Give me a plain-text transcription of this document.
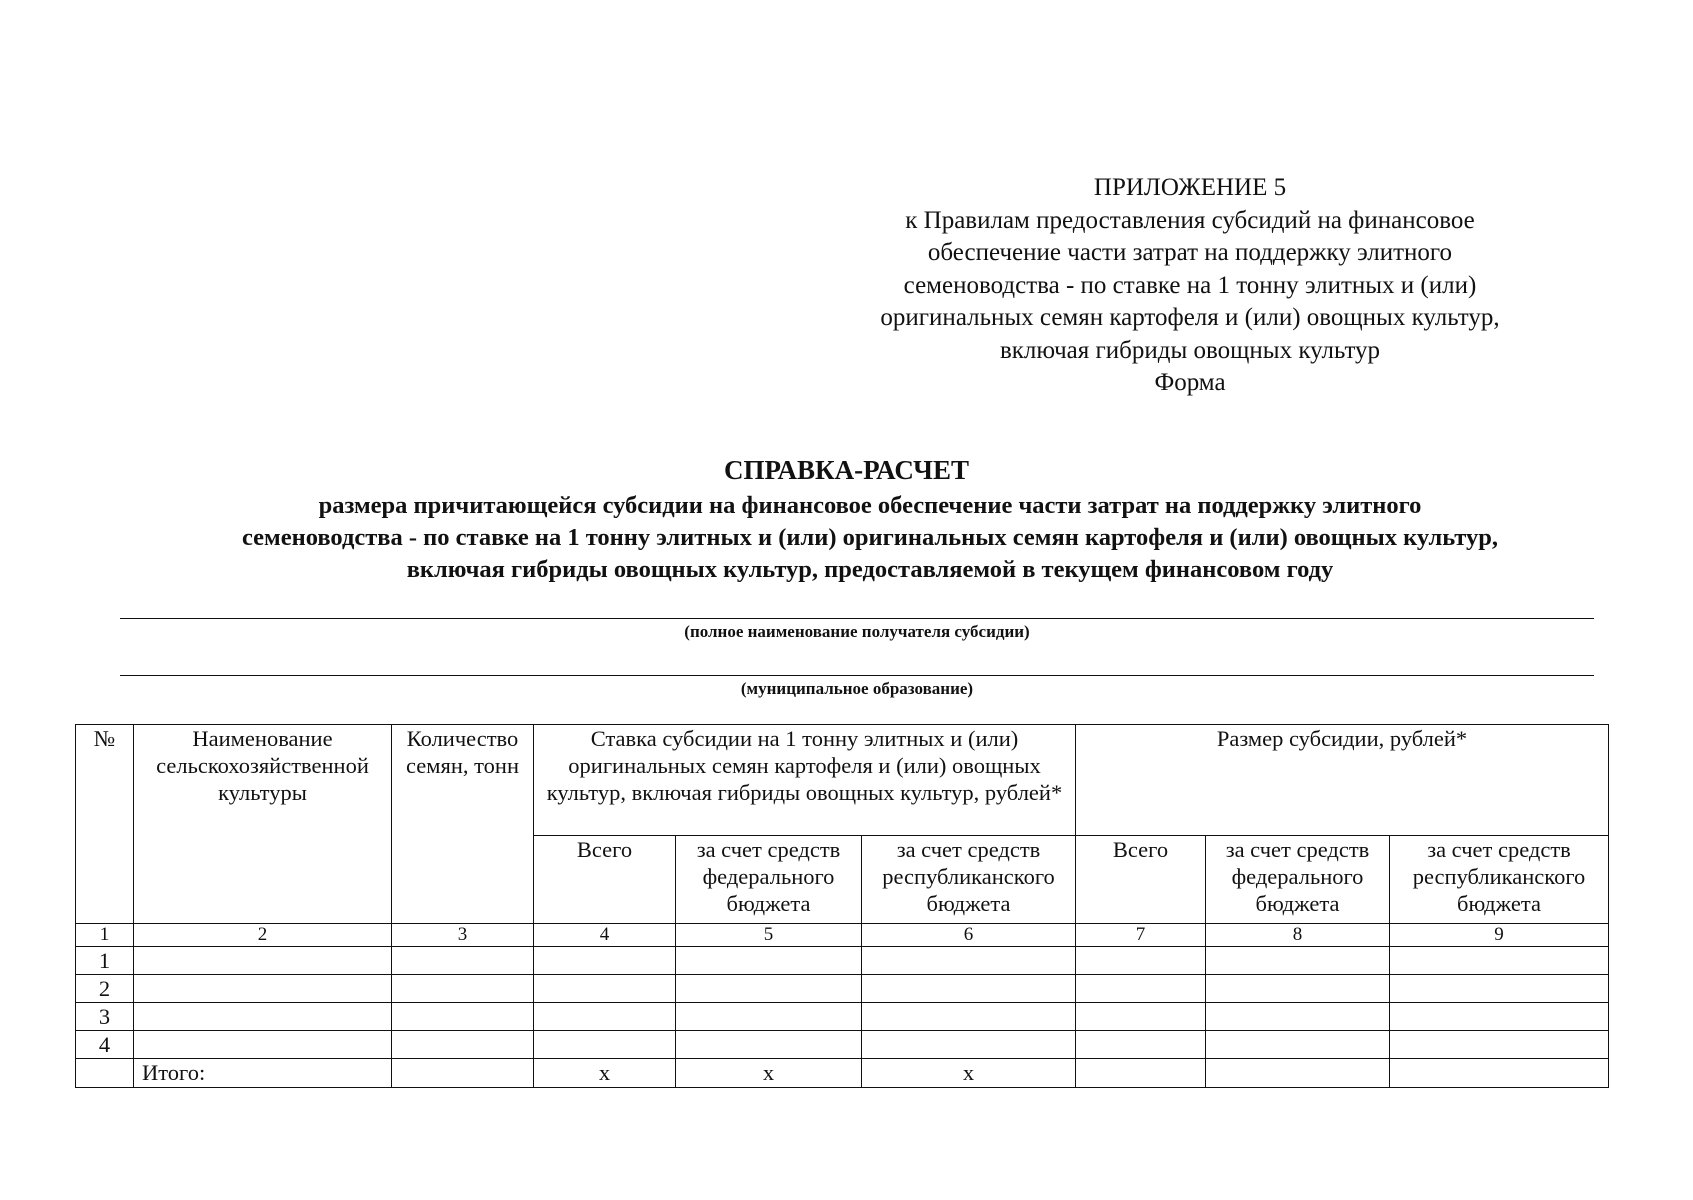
ПРИЛОЖЕНИЕ 5
к Правилам предоставления субсидий на финансовое
обеспечение части затрат на поддержку элитного
семеноводства - по ставке на 1 тонну элитных и (или)
оригинальных семян картофеля и (или) овощных культур,
включая гибриды овощных культур
Форма
СПРАВКА-РАСЧЕТ
размера причитающейся субсидии на финансовое обеспечение части затрат на поддержку элитного
семеноводства - по ставке на 1 тонну элитных и (или) оригинальных семян картофеля и (или) овощных культур,
включая гибриды овощных культур, предоставляемой в текущем финансовом году
(полное наименование получателя субсидии)
(муниципальное образование)
№	Наименование сельскохозяйственной культуры	Количество семян, тонн	Ставка субсидии на 1 тонну элитных и (или) оригинальных семян картофеля и (или) овощных культур, включая гибриды овощных культур, рублей*			Размер субсидии, рублей*		
			Всего	за счет средств федерального бюджета	за счет средств республиканского бюджета	Всего	за счет средств федерального бюджета	за счет средств республиканского бюджета
1	2	3	4	5	6	7	8	9
1								
2								
3								
4								
	Итого:		x	x	x			
